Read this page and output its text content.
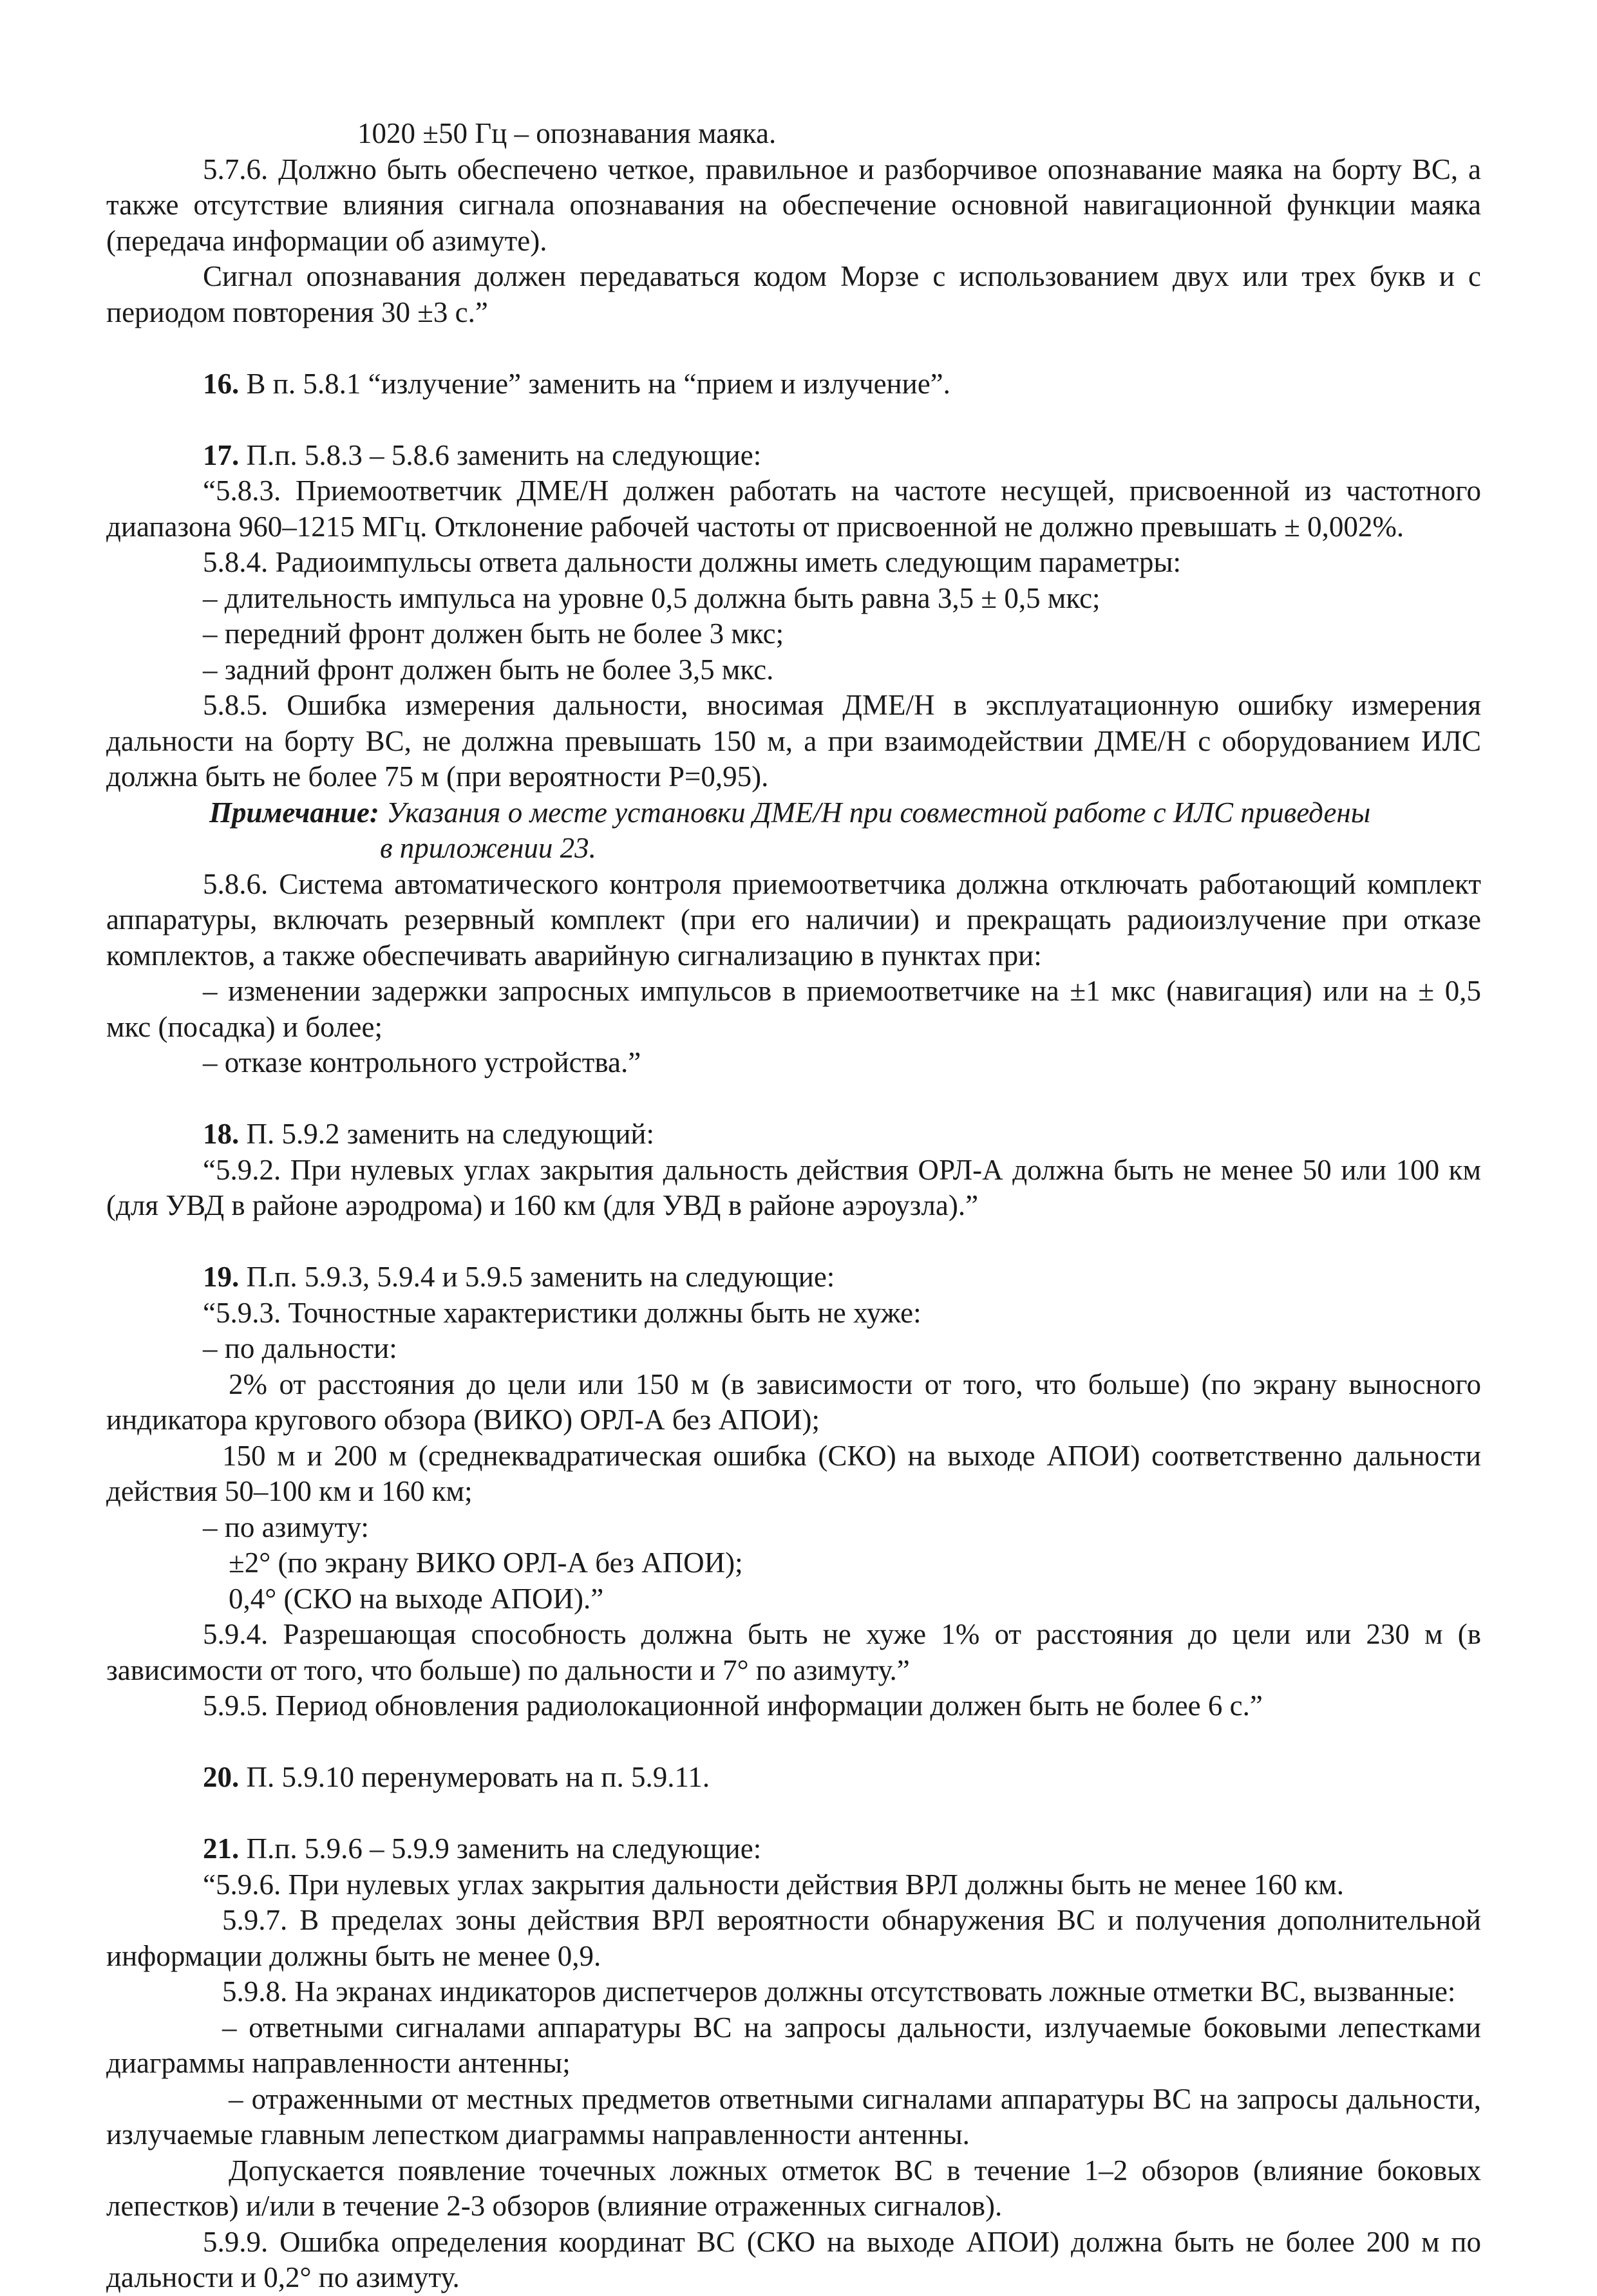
1020 ±50 Гц – опознавания маяка.

5.7.6. Должно быть обеспечено четкое, правильное и разборчивое опознавание маяка на борту ВС, а также отсутствие влияния сигнала опознавания на обеспечение основной навигационной функции маяка (передача информации об азимуте).

Сигнал опознавания должен передаваться кодом Морзе с использованием двух или трех букв и с периодом повторения 30 ±3 с.”

16. В п. 5.8.1 “излучение” заменить на “прием и излучение”.

17. П.п. 5.8.3 – 5.8.6 заменить на следующие:

“5.8.3. Приемоответчик ДМЕ/Н должен работать на частоте несущей, присвоенной из частотного диапазона 960–1215 МГц. Отклонение рабочей частоты от присвоенной не должно превышать ± 0,002%.

5.8.4. Радиоимпульсы ответа дальности должны иметь следующим параметры:

– длительность импульса на уровне 0,5 должна быть равна 3,5 ± 0,5 мкс;

– передний фронт должен быть не более 3 мкс;

– задний фронт должен быть не более 3,5 мкс.

5.8.5. Ошибка измерения дальности, вносимая ДМЕ/Н в эксплуатационную ошибку измерения дальности на борту ВС, не должна превышать 150 м, а при взаимодействии ДМЕ/Н с оборудованием ИЛС должна быть не более 75 м (при вероятности Р=0,95).

Примечание: Указания о месте установки ДМЕ/Н при совместной работе с ИЛС приведены

в приложении 23.

5.8.6. Система автоматического контроля приемоответчика должна отключать работающий комплект аппаратуры, включать резервный комплект (при его наличии) и прекращать радиоизлучение при отказе комплектов, а также обеспечивать аварийную сигнализацию в пунктах при:

– изменении задержки запросных импульсов в приемоответчике на ±1 мкс (навигация) или на ± 0,5 мкс (посадка) и более;

– отказе контрольного устройства.”

18. П. 5.9.2 заменить на следующий:

“5.9.2. При нулевых углах закрытия дальность действия ОРЛ-А должна быть не менее 50 или 100 км (для УВД в районе аэродрома) и 160 км (для УВД в районе аэроузла).”

19. П.п. 5.9.3, 5.9.4 и 5.9.5 заменить на следующие:

“5.9.3. Точностные характеристики должны быть не хуже:

– по дальности:

2% от расстояния до цели или 150 м (в зависимости от того, что больше) (по экрану выносного индикатора кругового обзора (ВИКО) ОРЛ-А без АПОИ);

150 м и 200 м (среднеквадратическая ошибка (СКО) на выходе АПОИ) соответственно дальности действия 50–100 км и 160 км;

– по азимуту:

±2° (по экрану ВИКО ОРЛ-А без АПОИ);

0,4° (СКО на выходе АПОИ).”

5.9.4. Разрешающая способность должна быть не хуже 1% от расстояния до цели или 230 м (в зависимости от того, что больше) по дальности и 7° по азимуту.”

5.9.5. Период обновления радиолокационной информации должен быть не более 6 с.”

20. П. 5.9.10 перенумеровать на п. 5.9.11.

21. П.п. 5.9.6 – 5.9.9 заменить на следующие:

“5.9.6. При нулевых углах закрытия дальности действия ВРЛ должны быть не менее 160 км.

5.9.7. В пределах зоны действия ВРЛ вероятности обнаружения ВС и получения дополнительной информации должны быть не менее 0,9.

5.9.8. На экранах индикаторов диспетчеров должны отсутствовать ложные отметки ВС, вызванные:

– ответными сигналами аппаратуры ВС на запросы дальности, излучаемые боковыми лепестками диаграммы направленности антенны;

– отраженными от местных предметов ответными сигналами аппаратуры ВС на запросы дальности, излучаемые главным лепестком диаграммы направленности антенны.

Допускается появление точечных ложных отметок ВС в течение 1–2 обзоров (влияние боковых лепестков) и/или в течение 2-3 обзоров (влияние отраженных сигналов).

5.9.9. Ошибка определения координат ВС (СКО на выходе АПОИ) должна быть не более 200 м по дальности и 0,2° по азимуту.
